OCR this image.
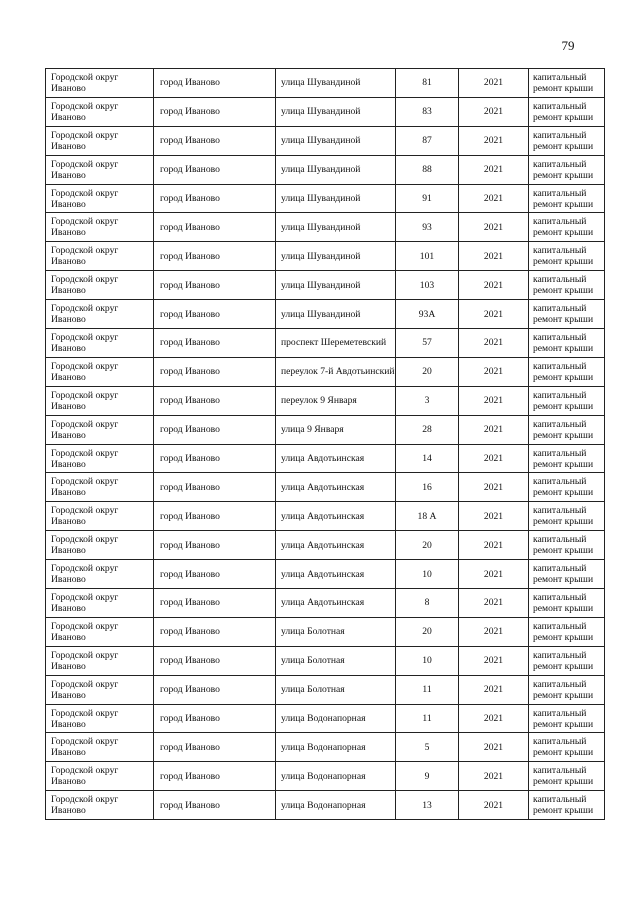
79
Городской округ Иваново	город Иваново	улица Шувандиной	81	2021	капитальный ремонт крыши
Городской округ Иваново	город Иваново	улица Шувандиной	83	2021	капитальный ремонт крыши
Городской округ Иваново	город Иваново	улица Шувандиной	87	2021	капитальный ремонт крыши
Городской округ Иваново	город Иваново	улица Шувандиной	88	2021	капитальный ремонт крыши
Городской округ Иваново	город Иваново	улица Шувандиной	91	2021	капитальный ремонт крыши
Городской округ Иваново	город Иваново	улица Шувандиной	93	2021	капитальный ремонт крыши
Городской округ Иваново	город Иваново	улица Шувандиной	101	2021	капитальный ремонт крыши
Городской округ Иваново	город Иваново	улица Шувандиной	103	2021	капитальный ремонт крыши
Городской округ Иваново	город Иваново	улица Шувандиной	93А	2021	капитальный ремонт крыши
Городской округ Иваново	город Иваново	проспект Шереметевский	57	2021	капитальный ремонт крыши
Городской округ Иваново	город Иваново	переулок 7-й Авдотьинский	20	2021	капитальный ремонт крыши
Городской округ Иваново	город Иваново	переулок 9 Января	3	2021	капитальный ремонт крыши
Городской округ Иваново	город Иваново	улица 9 Января	28	2021	капитальный ремонт крыши
Городской округ Иваново	город Иваново	улица Авдотьинская	14	2021	капитальный ремонт крыши
Городской округ Иваново	город Иваново	улица Авдотьинская	16	2021	капитальный ремонт крыши
Городской округ Иваново	город Иваново	улица Авдотьинская	18 А	2021	капитальный ремонт крыши
Городской округ Иваново	город Иваново	улица Авдотьинская	20	2021	капитальный ремонт крыши
Городской округ Иваново	город Иваново	улица Авдотьинская	10	2021	капитальный ремонт крыши
Городской округ Иваново	город Иваново	улица Авдотьинская	8	2021	капитальный ремонт крыши
Городской округ Иваново	город Иваново	улица Болотная	20	2021	капитальный ремонт крыши
Городской округ Иваново	город Иваново	улица Болотная	10	2021	капитальный ремонт крыши
Городской округ Иваново	город Иваново	улица Болотная	11	2021	капитальный ремонт крыши
Городской округ Иваново	город Иваново	улица Водонапорная	11	2021	капитальный ремонт крыши
Городской округ Иваново	город Иваново	улица Водонапорная	5	2021	капитальный ремонт крыши
Городской округ Иваново	город Иваново	улица Водонапорная	9	2021	капитальный ремонт крыши
Городской округ Иваново	город Иваново	улица Водонапорная	13	2021	капитальный ремонт крыши
